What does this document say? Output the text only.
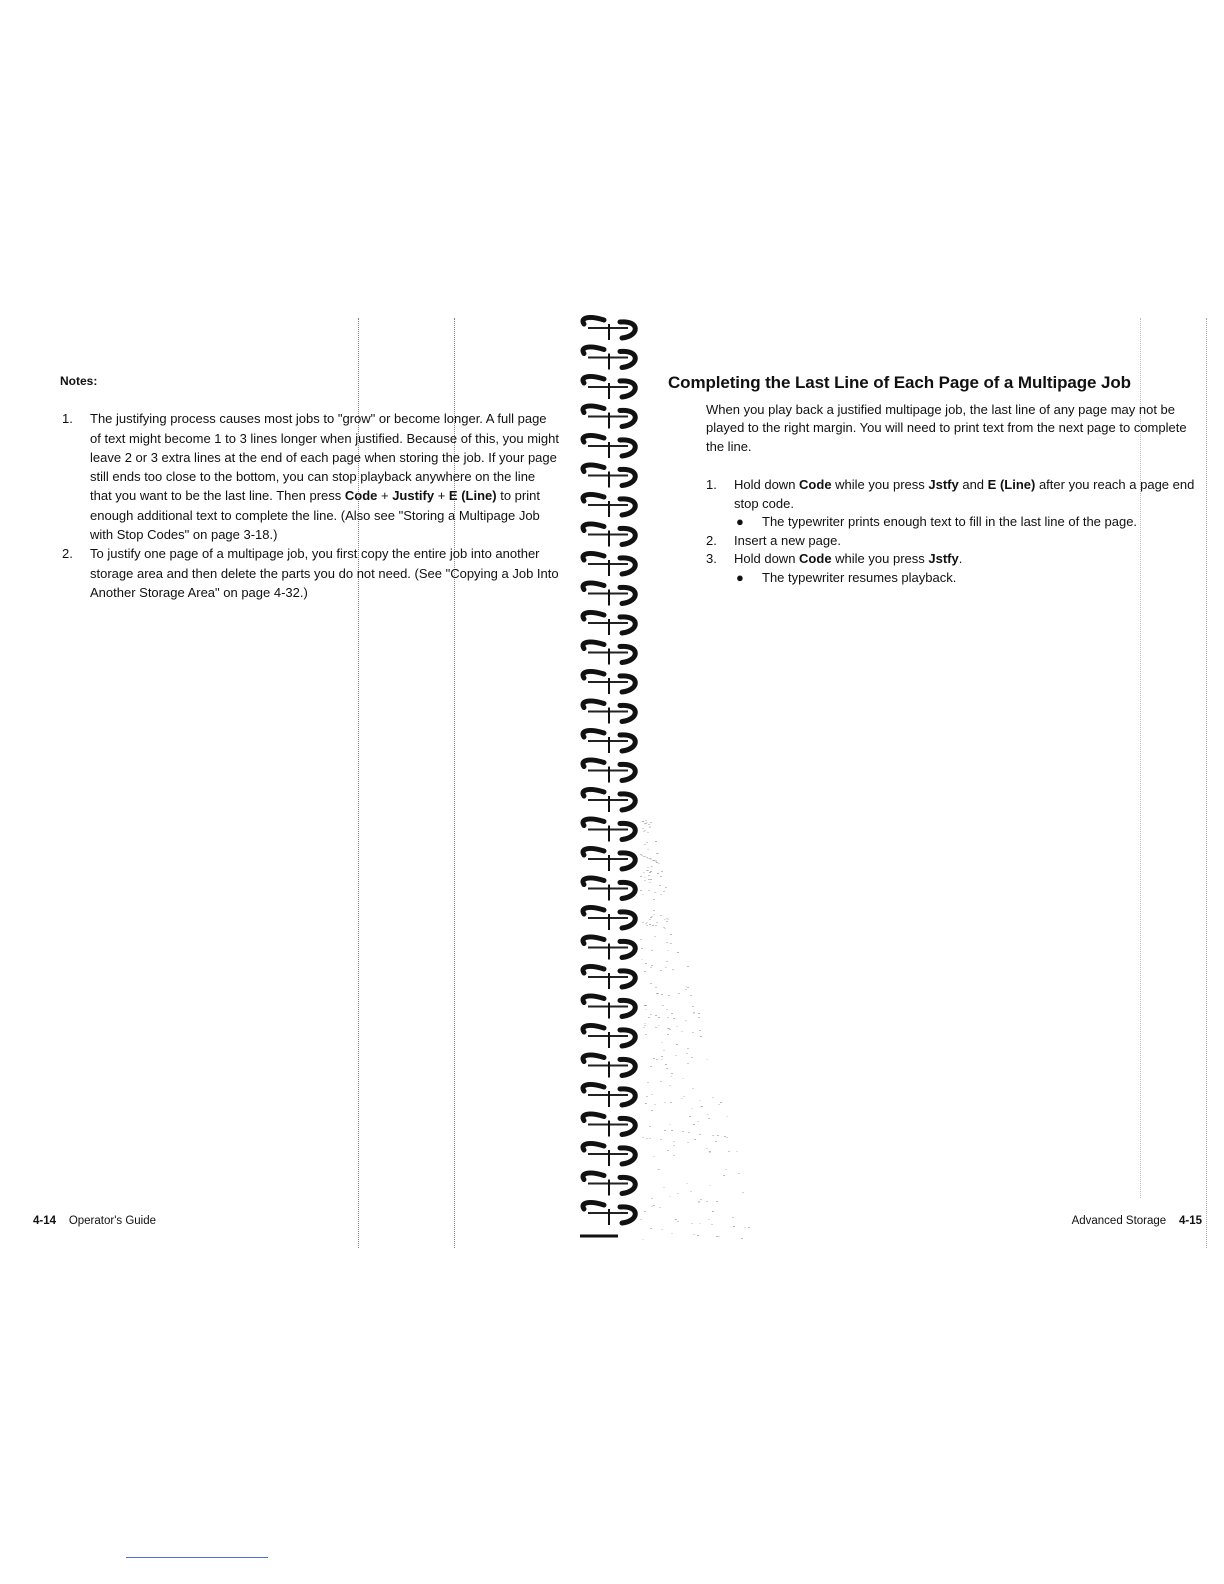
Notes:

1. The justifying process causes most jobs to "grow" or become longer. A full page of text might become 1 to 3 lines longer when justified. Because of this, you might leave 2 or 3 extra lines at the end of each page when storing the job. If your page still ends too close to the bottom, you can stop playback anywhere on the line that you want to be the last line. Then press Code + Justify + E (Line) to print enough additional text to complete the line. (Also see "Storing a Multipage Job with Stop Codes" on page 3-18.)

2. To justify one page of a multipage job, you first copy the entire job into another storage area and then delete the parts you do not need. (See "Copying a Job Into Another Storage Area" on page 4-32.)

4-14 Operator's Guide

Completing the Last Line of Each Page of a Multipage Job

When you play back a justified multipage job, the last line of any page may not be played to the right margin. You will need to print text from the next page to complete the line.

1. Hold down Code while you press Jstfy and E (Line) after you reach a page end stop code.

● The typewriter prints enough text to fill in the last line of the page.

2. Insert a new page.

3. Hold down Code while you press Jstfy.

● The typewriter resumes playback.

Advanced Storage 4-15
